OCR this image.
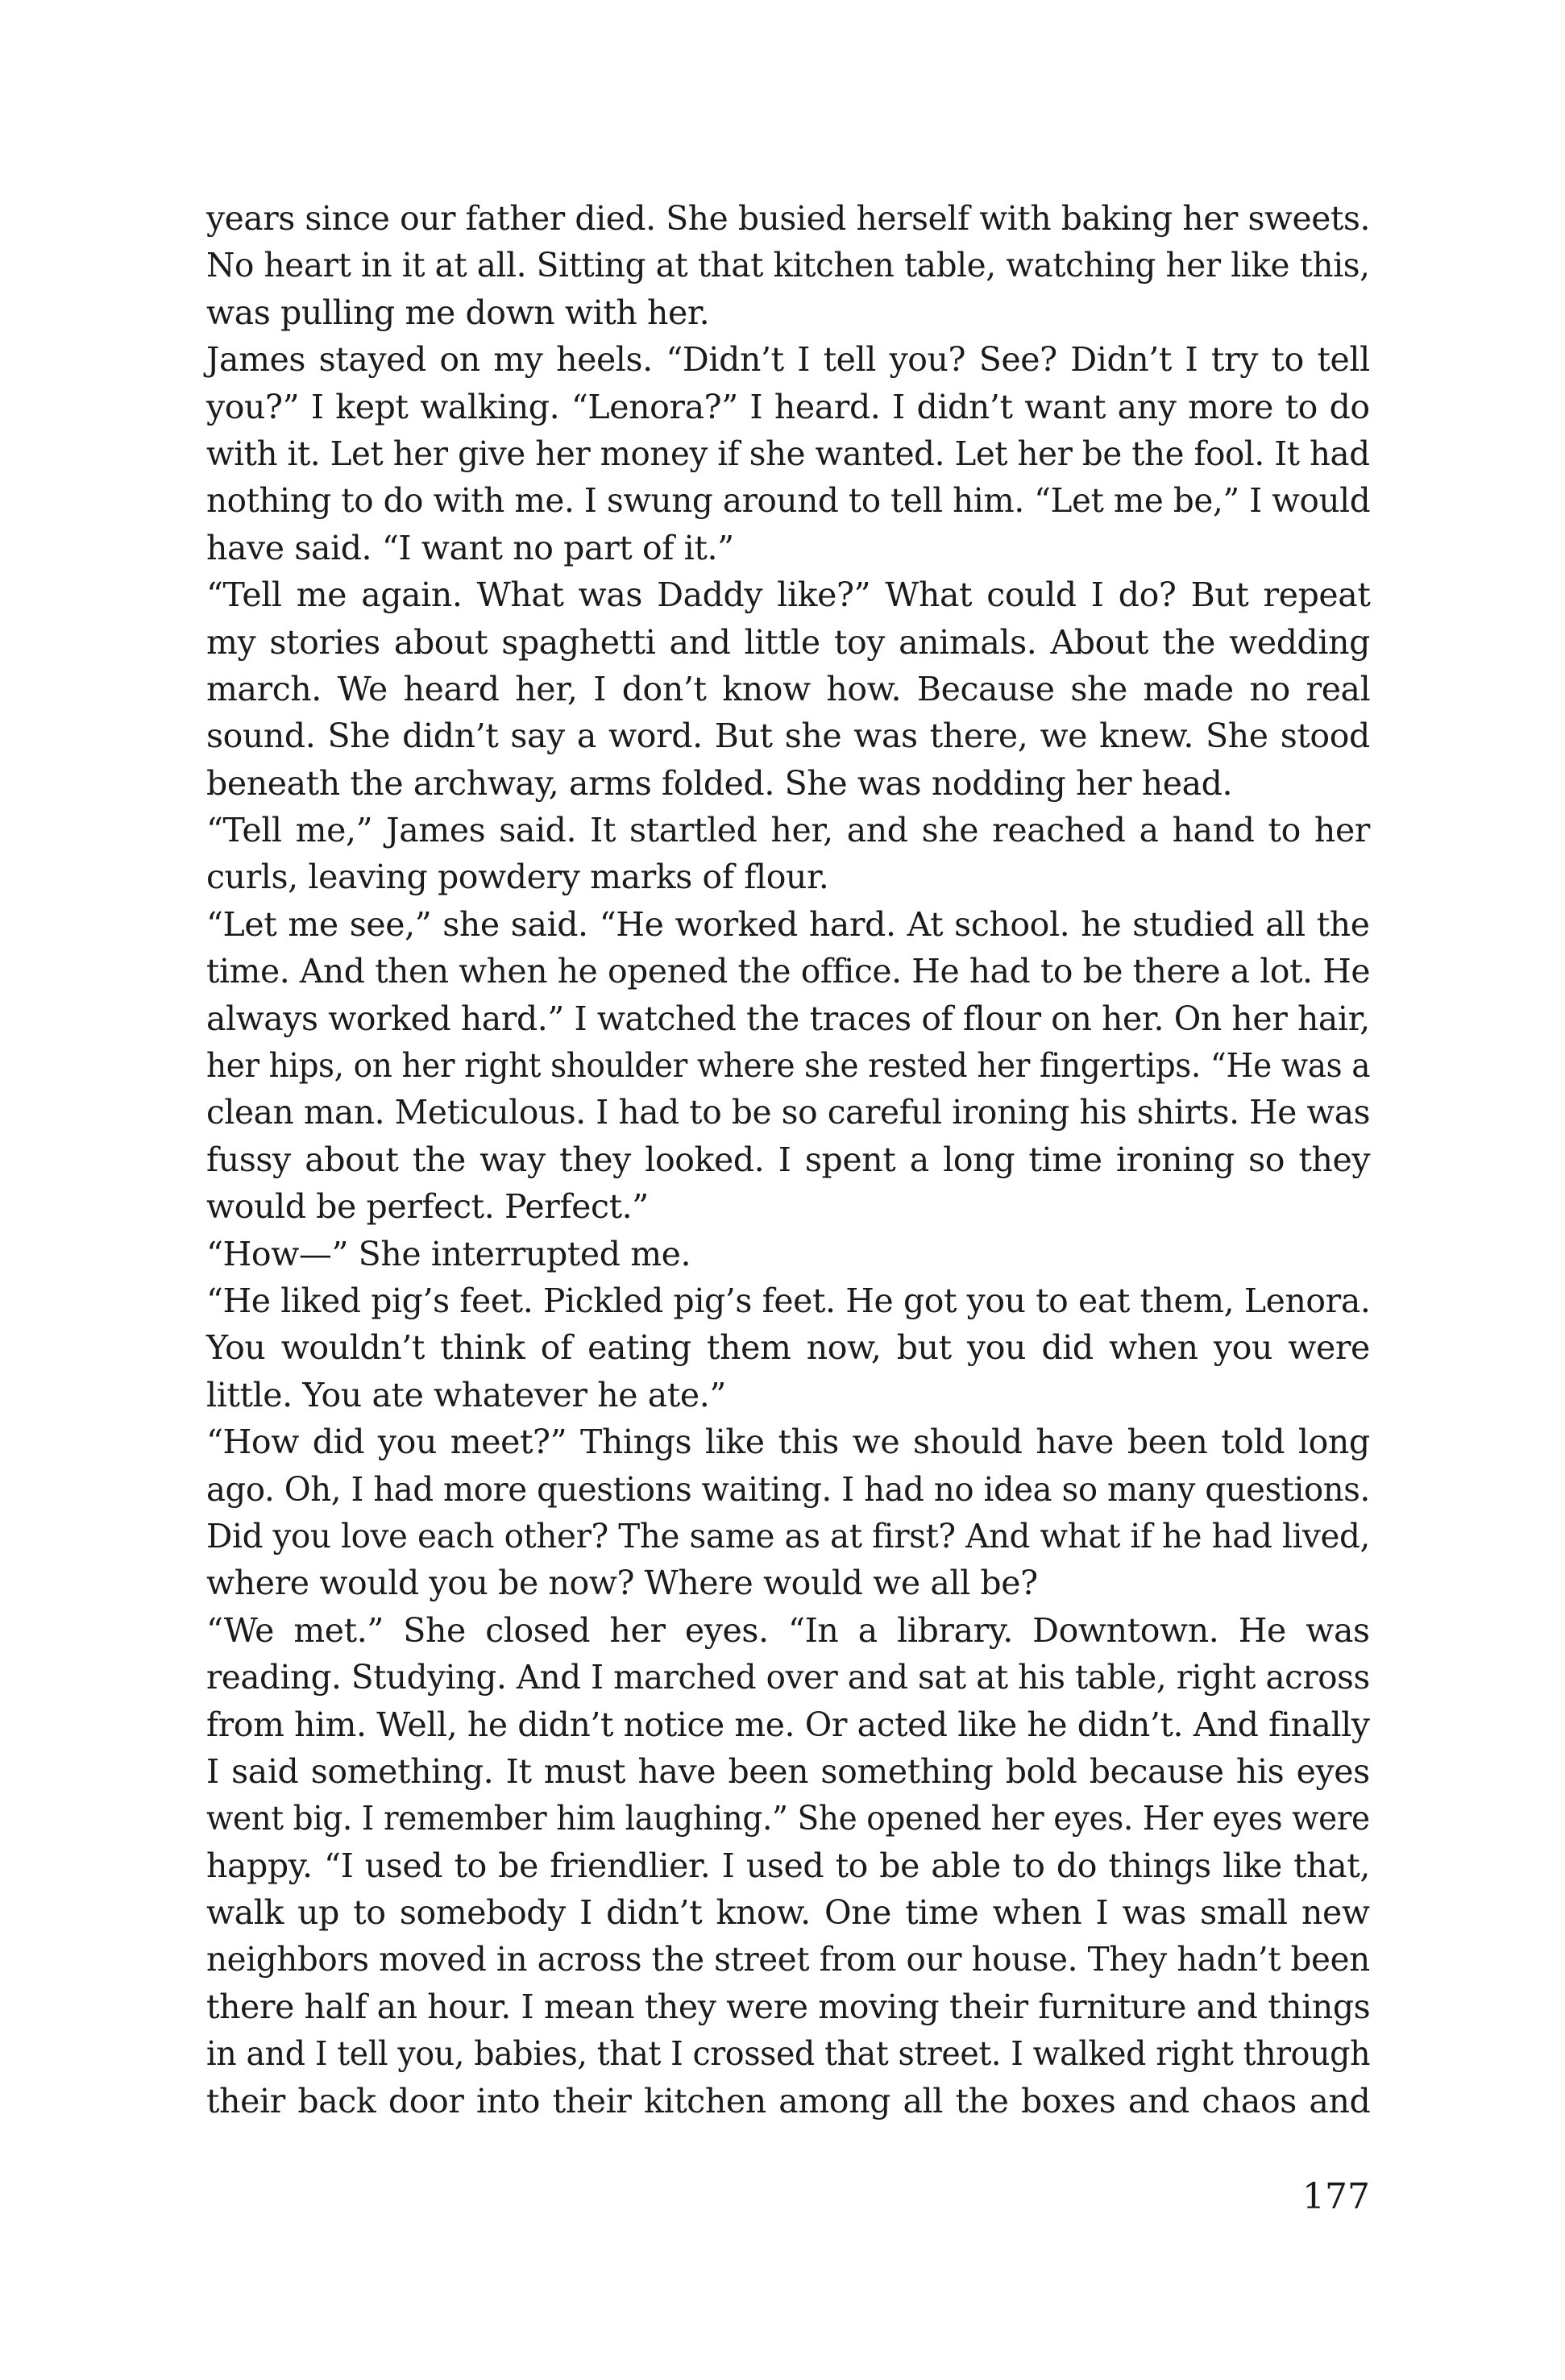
years since our father died. She busied herself with baking her sweets.
No heart in it at all. Sitting at that kitchen table, watching her like this,
was pulling me down with her.
James stayed on my heels. “Didn’t I tell you? See? Didn’t I try to tell
you?” I kept walking. “Lenora?” I heard. I didn’t want any more to do
with it. Let her give her money if she wanted. Let her be the fool. It had
nothing to do with me. I swung around to tell him. “Let me be,” I would
have said. “I want no part of it.”
“Tell me again. What was Daddy like?” What could I do? But repeat
my stories about spaghetti and little toy animals. About the wedding
march. We heard her, I don’t know how. Because she made no real
sound. She didn’t say a word. But she was there, we knew. She stood
beneath the archway, arms folded. She was nodding her head.
“Tell me,” James said. It startled her, and she reached a hand to her
curls, leaving powdery marks of flour.
“Let me see,” she said. “He worked hard. At school. he studied all the
time. And then when he opened the office. He had to be there a lot. He
always worked hard.” I watched the traces of flour on her. On her hair,
her hips, on her right shoulder where she rested her fingertips. “He was a
clean man. Meticulous. I had to be so careful ironing his shirts. He was
fussy about the way they looked. I spent a long time ironing so they
would be perfect. Perfect.”
“How—” She interrupted me.
“He liked pig’s feet. Pickled pig’s feet. He got you to eat them, Lenora.
You wouldn’t think of eating them now, but you did when you were
little. You ate whatever he ate.”
“How did you meet?” Things like this we should have been told long
ago. Oh, I had more questions waiting. I had no idea so many questions.
Did you love each other? The same as at first? And what if he had lived,
where would you be now? Where would we all be?
“We met.” She closed her eyes. “In a library. Downtown. He was
reading. Studying. And I marched over and sat at his table, right across
from him. Well, he didn’t notice me. Or acted like he didn’t. And finally
I said something. It must have been something bold because his eyes
went big. I remember him laughing.” She opened her eyes. Her eyes were
happy. “I used to be friendlier. I used to be able to do things like that,
walk up to somebody I didn’t know. One time when I was small new
neighbors moved in across the street from our house. They hadn’t been
there half an hour. I mean they were moving their furniture and things
in and I tell you, babies, that I crossed that street. I walked right through
their back door into their kitchen among all the boxes and chaos and
177
